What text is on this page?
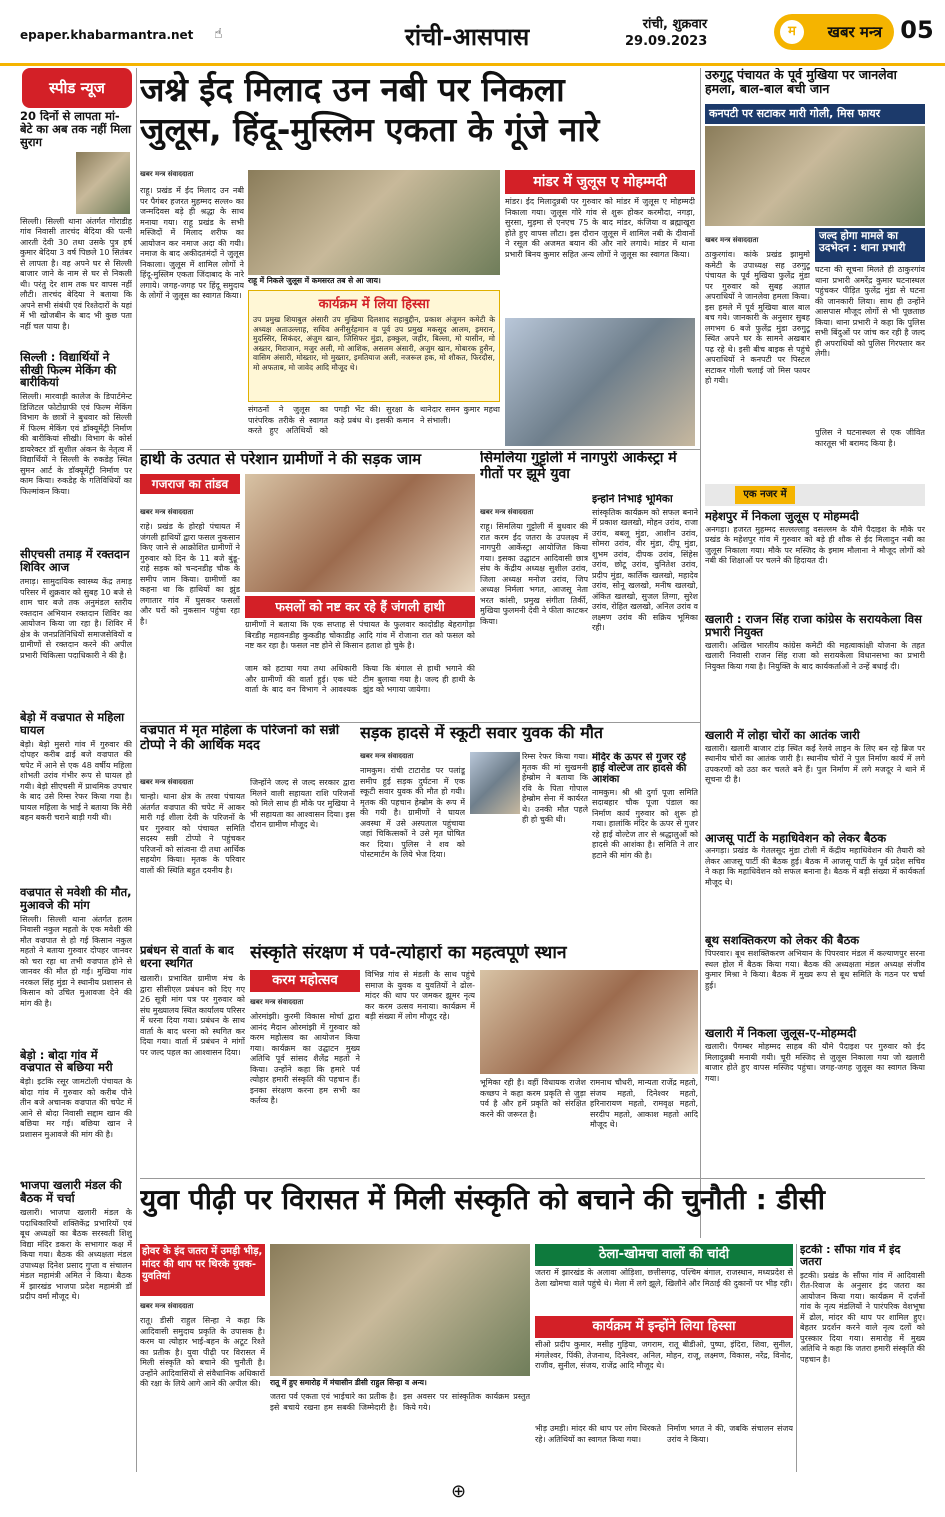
epaper.khabarmantra.net ☝	रांची-आसपास	रांची, शुक्रवार
29.09.2023
म	खबर मन्त्र 05
स्पीड न्यूज
20 दिनों से लापता मां-बेटे का अब तक नहीं मिला सुराग
सिल्ली। सिल्ली थाना अंतर्गत गोराडीह गांव निवासी तारचंद बेदिया की पत्नी आरती देवी 30 तथा उसके पुत्र हर्ष कुमार बेदिया 3 वर्ष पिछले 10 सितंबर से लापता है। वह अपने घर से सिल्ली बाजार जाने के नाम से घर से निकली थी। परंतु देर शाम तक घर वापस नहीं लौटी। तारचंद बेदिया ने बताया कि अपने सभी संबंधी एवं रिश्तेदारों के यहां में भी खोजबीन के बाद भी कुछ पता नहीं चल पाया है।
सिल्ली : विद्यार्थियों ने सीखी फिल्म मेकिंग की बारीकियां
सिल्ली। मारवाड़ी कालेज के डिपार्टमेन्ट डिजिटल फोटोग्राफी एवं फिल्म मेकिंग विभाग के छात्रों ने बुधवार को सिल्ली में फिल्म मेकिंग एवं डॉक्यूमेंट्री निर्माण की बारीकियां सीखी। विभाग के कोर्स डायरेक्टर डॉ सुशील अंकन के नेतृत्व में विद्यार्थियों ने सिल्ली के रुकडेह स्थित सुमन आर्ट के डॉक्यूमेंट्री निर्माण पर काम किया। रुकडेह के गतिविधियों का फिल्मांकन किया।
सीएचसी तमाड़ में रक्तदान शिविर आज
तमाड़। सामुदायिक स्वास्थ्य केंद्र तमाड़ परिसर में शुक्रवार को सुबह 10 बजे से शाम चार बजे तक अनुमंडल स्तरीय रक्तदान अभियान रक्तदान शिविर का आयोजन किया जा रहा है। शिविर में क्षेत्र के जनप्रतिनिधियों समाजसेवियों व ग्रामीणों से रक्तदान करने की अपील प्रभारी चिकित्सा पदाधिकारी ने की है।
बेड़ो में वज्रपात से महिला घायल
बेड़ो। बेड़ो मुसरो गांव में गुरुवार की दोपहर करीब ढाई बजे वज्रपात की चपेट में आने से एक 48 वर्षीय महिला शोभती उरांव गंभीर रूप से घायल हो गयी। बेड़ो सीएचसी में प्राथमिक उपचार के बाद उसे रिम्स रेफर किया गया है। घायल महिला के भाई ने बताया कि मेरी बहन बकरी चराने बाड़ी गयी थी।
वज्रपात से मवेशी की मौत, मुआवजे की मांग
सिल्ली। सिल्ली थाना अंतर्गत हलम निवासी नकुल महतो के एक मवेशी की मौत वज्रपात से हो गई किसान नकुल महतो ने बताया गुरुवार दोपहर जानवर को चरा रहा था तभी वज्रपात होने से जानवर की मौत हो गई। मुखिया गांव नरकल सिंह मुंडा ने स्थानीय प्रशासन से किसान को उचित मुआवजा देने की मांग की है।
बेड़ो : बोदा गांव में वज्रपात से बछिया मरी
बेड़ो। इटकि रसूर जामटोली पंचायत के बोदा गांव में गुरुवार को करीब पौने तीन बजे अचानक वज्रपात की चपेट में आने से बोदा निवासी सद्दाम खान की बछिया मर गई। बछिया खान ने प्रशासन मुआवजे की मांग की है।
भाजपा खलारी मंडल की बैठक में चर्चा
खलारी। भाजपा खलारी मंडल के पदाधिकारियों शक्तिकेंद्र प्रभारियों एवं बूथ अध्यक्षों का बैठक सरस्वती शिशु विद्या मंदिर डकरा के सभागार कक्ष में किया गया। बैठक की अध्यक्षता मंडल उपाध्यक्ष दिनेश प्रसाद गुप्ता व संचालन मंडल महामंत्री अमित ने किया। बैठक में झारखंड भाजपा प्रदेश महामंत्री डॉ प्रदीप वर्मा मौजूद थे।
जश्ने ईद मिलाद उन नबी पर निकला
जुलूस, हिंदू-मुस्लिम एकता के गूंजे नारे
खबर मन्त्र संवाददाता
राहू। प्रखंड में ईद मिलाद उन नबी पर पैगंबर हजरत मुहम्मद सल्ल० का जन्मदिवस बड़े ही श्रद्धा के साथ मनाया गया। राहू प्रखंड के सभी मस्जिदों में मिलाद शरीफ का आयोजन कर नमाज अदा की गयी। नमाज के बाद अकीदतमंदों ने जुलूस निकाला। जुलूस में शामिल लोगों ने हिंदू-मुस्लिम एकता जिंदाबाद के नारे लगाये। जगह-जगह पर हिंदू समुदाय के लोगों ने जुलूस का स्वागत किया।
राहू में निकले जुलूस में कमसरत तब से आ जाय।
कार्यक्रम में लिया हिस्सा
उप प्रमुख शियाबुल अंसारी उप मुखिया दिलशाद सहाबुद्दीन, प्रकाश अंजुमन कमेटी के अध्यक्ष अताउल्लाह, सचिव अनीसुर्रहमान व पूर्व उप प्रमुख मकसूद आलम, इमरान, मुदस्सिर, सिकंदर, अंजुम खान, जिसिफर मुंडा, हक्कुल, जहीर, बिल्ला, मो यासीन, मो अख्तर, मिराजान, मजुर अली, मो आशिक, असलम अंसारी, अजुम खान, मोबारक हुसैन, वासिम अंसारी, मोख्तार, मो मुख्तार, इमतियाज अली, नजरूल हक, मो शौकत, फिरदौस, मो अफताब, मो जावेद आदि मौजूद थे।
संगठनों ने जुलूस का पारंपरिक तरीके से स्वागत करते हुए अतिथियों को पगड़ी भेंट की। सुरक्षा के कड़े प्रबंध थे। इसकी कमान थानेदार समन कुमार महथा ने संभाली।
मांडर में जुलूस ए मोहम्मदी
मांडर। ईद मिलादुन्नबी पर गुरुवार को मांडर में जुलूस ए मोहम्मदी निकाला गया। जुलूस गोरे गांव से शुरू होकर करमौदा, नगड़ा, सुरसा, मुड़मा से एनएच 75 के बाद मांडर, कंजिया व ब्रह्माखूरा होते हुए वापस लौटा। इस दौरान जुलूस में शामिल नबी के दीवानों ने रसूल की अजमत बयान की और नारे लगाये। मांडर में थाना प्रभारी बिनय कुमार सहित अन्य लोगों ने जुलूस का स्वागत किया।
उरुगुटू पंचायत के पूर्व मुखिया पर जानलेवा हमला, बाल-बाल बची जान
कनपटी पर सटाकर मारी गोली, मिस फायर
खबर मन्त्र संवाददाता
ठाकुरगांव। कांके प्रखंड झामुमो कमेटी के उपाध्यक्ष सह उरुगुटू पंचायत के पूर्व मुखिया फुलेंद्र मुंडा पर गुरुवार को सुबह अज्ञात अपराधियों ने जानलेवा हमला किया। इस हमले में पूर्व मुखिया बाल बाल बच गये। जानकारी के अनुसार सुबह लगभग 6 बजे फुलेंद्र मुंडा उरुगुटू स्थित अपने घर के सामने अखबार पढ़ रहे थे। इसी बीच बाइक से पहुंचे अपराधियों ने कनपटी पर पिस्टल सटाकर गोली चलाई जो मिस फायर हो गयी।
जल्द होगा मामले का उदभेदन : थाना प्रभारी
घटना की सूचना मिलते ही ठाकुरगांव थाना प्रभारी अमरेंद्र कुमार घटनास्थल पहुंचकर पीड़ित फुलेंद्र मुंडा से घटना की जानकारी लिया। साथ ही उन्होंने आसपास मौजूद लोगों से भी पूछताछ किया। थाना प्रभारी ने कहा कि पुलिस सभी बिंदुओं पर जांच कर रही है जल्द ही अपराधियों को पुलिस गिरफ्तार कर लेगी।
पुलिस ने घटनास्थल से एक जीवित कारतूस भी बरामद किया है।
हाथी के उत्पात से परेशान ग्रामीणों ने की सड़क जाम
गजराज का तांडव
खबर मन्त्र संवाददाता
राहे। प्रखंड के होरहो पंचायत में जंगली हाथियों द्वारा फसल नुकसान किए जाने से आक्रोशित ग्रामीणों ने गुरुवार को दिन के 11 बजे बुंडू-राहे सड़क को चन्दनडीह चौक के समीप जाम किया। ग्रामीणों का कहना था कि हाथियों का झुंड लगातार गांव में घुसकर फसलों और घरों को नुकसान पहुंचा रहा है।
फसलों को नष्ट कर रहे हैं जंगली हाथी
ग्रामीणों ने बताया कि एक सप्ताह से पंचायत के फुलवार कादोडीह बेहरागोड़ा बिरडीह महावनडीह कुकडीह चोकाडीह आदि गांव में रोजाना रात को फसल को नष्ट कर रहा है। फसल नष्ट होने से किसान हताश हो चुके है।
जाम को हटाया गया तथा अधिकारी और ग्रामीणों की वार्ता हुई। एक घंटे वार्ता के बाद वन विभाग ने आवश्यक किया कि बंगाल से हाथी भगाने की टीम बुलाया गया है। जल्द ही हाथी के झुंड को भगाया जायेगा।
सिमलिया गुट्टोली में नागपुरी आर्केस्ट्रा में गीतों पर झूमे युवा
खबर मन्त्र संवाददाता
राहू। सिमलिया गुट्टोली में बुधवार की रात करम ईद जतरा के उपलक्ष्य में नागपुरी आर्केस्ट्रा आयोजित किया गया। इसका उद्घाटन आदिवासी छात्र संघ के केंद्रीय अध्यक्ष सुशील उरांव, जिला अध्यक्ष मनोज उरांव, जिप अध्यक्ष निर्मला भगत, आजसू नेता भरत कांसी, प्रमुख संगीता तिर्की, मुखिया फुलमनी देवी ने फीता काटकर किया।
इन्होंने निभाई भूमिका
सांस्कृतिक कार्यक्रम को सफल बनाने में प्रकाश खलखो, मोहन उरांव, राजा उरांव, बबलू मुंडा, आशीन उरांव, सोमरा उरांव, वीर मुंडा, दीपू मुंडा, शुभम उरांव, दीपक उरांव, सिंहेस उरांव, छोटू उरांव, युनितेश उरांव, प्रदीप मुंडा, कार्तिक खलखो, महादेव उरांव, सोनू खलखो, मनीष खलखो, अंकित खलखो, सुजल तिग्गा, सुरेश उरांव, रोहित खलखो, अनिल उरांव व लक्ष्मण उरांव की सक्रिय भूमिका रही।
एक नजर में
महेशपुर में निकला जुलूस ए मोहम्मदी
अनगड़ा। हजरत मुहम्मद सल्लल्लाहु वसल्लम के यौमे पैदाइश के मौके पर प्रखंड के महेशपुर गांव में गुरुवार को बड़े ही शौक से ईद मिलादुन नबी का जुलूस निकाला गया। मौके पर मस्जिद के इमाम मौलाना ने मौजूद लोगों को नबी की शिक्षाओं पर चलने की हिदायत दी।
खलारी : राजन सिंह राजा कांग्रेस के सरायकेला विस प्रभारी नियुक्त
खलारी। अखिल भारतीय कांग्रेस कमेटी की महत्वाकांक्षी योजना के तहत खलारी निवासी राजन सिंह राजा को सरायकेला विधानसभा का प्रभारी नियुक्त किया गया है। नियुक्ति के बाद कार्यकर्ताओं ने उन्हें बधाई दी।
खलारी में लोहा चोरों का आतंक जारी
खलारी। खलारी बाजार टांड़ स्थित कई रेलवे लाइन के लिए बन रहे ब्रिज पर स्थानीय चोरों का आतंक जारी है। स्थानीय चोरों ने पुल निर्माण कार्य में लगे उपकरणों को उठा कर चलते बने हैं। पुल निर्माण में लगे मजदूर ने थाने में सूचना दी है।
आजसू पार्टी के महाधिवेशन को लेकर बैठक
अनगड़ा। प्रखंड के गेतलसूद मुंडा टोली में केंद्रीय महाधिवेशन की तैयारी को लेकर आजसू पार्टी की बैठक हुई। बैठक में आजसू पार्टी के पूर्व प्रदेश सचिव ने कहा कि महाधिवेशन को सफल बनाना है। बैठक में बड़ी संख्या में कार्यकर्ता मौजूद थे।
बूथ सशक्तिकरण को लेकर की बैठक
पिपरवार। बूथ सशक्तिकरण अभियान के पिपरवार मंडल में कल्याणपुर सरना स्थल होल में बैठक किया गया। बैठक की अध्यक्षता मंडल अध्यक्ष संजीव कुमार मिश्रा ने किया। बैठक में मुख्य रूप से बूथ समिति के गठन पर चर्चा हुई।
खलारी में निकला जुलूस-ए-मोहम्मदी
खलारी। पैगम्बर मोहम्मद साहब की यौमे पैदाइश पर गुरुवार को ईद मिलादुन्नबी मनायी गयी। चूरी मस्जिद से जुलूस निकाला गया जो खलारी बाजार होते हुए वापस मस्जिद पहुंचा। जगह-जगह जुलूस का स्वागत किया गया।
वज्रपात में मृत महिला के परिजनों को सन्नी टोप्पो ने की आर्थिक मदद
खबर मन्त्र संवाददाता
चान्हो। थाना क्षेत्र के तरवा पंचायत अंतर्गत वज्रपात की चपेट में आकर मारी गई शीला देवी के परिजनों के घर गुरुवार को पंचायत समिति सदस्य सन्नी टोप्पो ने पहुंचकर परिजनों को सांत्वना दी तथा आर्थिक सहयोग किया। मृतक के परिवार वालों की स्थिति बहुत दयनीय है।
जिन्होंने जल्द से जल्द सरकार द्वारा मिलने वाली सहायता राशि परिजनों को मिले साथ ही मौके पर मुखिया ने भी सहायता का आश्वासन दिया। इस दौरान ग्रामीण मौजूद थे।
सड़क हादसे में स्कूटी सवार युवक की मौत
खबर मन्त्र संवाददाता
नामकुम। रांची टाटारोड पर पलांडू समीप हुई सड़क दुर्घटना में एक स्कूटी सवार युवक की मौत हो गयी। मृतक की पहचान हेम्ब्रोम के रूप में की गयी है। ग्रामीणों ने घायल अवस्था में उसे अस्पताल पहुंचाया जहां चिकित्सकों ने उसे मृत घोषित कर दिया। पुलिस ने शव को पोस्टमार्टम के लिये भेज दिया।
रिम्स रेफर किया गया। मृतक की मां सुखमनी हेम्ब्रोम ने बताया कि रवि के पिता गोपाल हेम्ब्रोम सेना में कार्यरत थे। उनकी मौत पहले ही हो चुकी थी।
मंदिर के ऊपर से गुजर रहे हाई वोल्टेज तार हादसे की आशंका
नामकुम। श्री श्री दुर्गा पूजा समिति सदाबहार चौक पूजा पंडाल का निर्माण कार्य गुरुवार को शुरू हो गया। हालांकि मंदिर के ऊपर से गुजर रहे हाई वोल्टेज तार से श्रद्धालुओं को हादसे की आशंका है। समिति ने तार हटाने की मांग की है।
प्रबंधन से वार्ता के बाद धरना स्थगित
खलारी। प्रभावित ग्रामीण मंच के द्वारा सीसीएल प्रबंधन को दिए गए 26 सूत्री मांग पत्र पर गुरुवार को संघ मुख्यालय स्थित कार्यालय परिसर में धरना दिया गया। प्रबंधन के साथ वार्ता के बाद धरना को स्थगित कर दिया गया। वार्ता में प्रबंधन ने मांगों पर जल्द पहल का आश्वासन दिया।
संस्कृति संरक्षण में पर्व-त्योहारों का महत्वपूर्ण स्थान
करम महोत्सव
खबर मन्त्र संवाददाता
ओरमांझी। कुरमी विकास मोर्चा द्वारा आनंद मैदान ओरमांझी में गुरुवार को करम महोत्सव का आयोजन किया गया। कार्यक्रम का उद्घाटन मुख्य अतिथि पूर्व सांसद शैलेंद्र महतो ने किया। उन्होंने कहा कि हमारे पर्व त्योहार हमारी संस्कृति की पहचान हैं। इनका संरक्षण करना हम सभी का कर्तव्य है।
विभिन्न गांव से मंडली के साथ पहुंचे समाज के युवक व युवतियों ने ढोल-मांदर की थाप पर जमकर झूमर नृत्य कर करम उत्सव मनाया। कार्यक्रम में बड़ी संख्या में लोग मौजूद रहे।
भूमिका रही है। वहीं विधायक राजेश कच्छप ने कहा करम प्रकृति से जुड़ा पर्व है और हमें प्रकृति को संरक्षित करने की जरूरत है।
रामनाथ चौधरी, मान्यता राजेंद्र महतो, संजय महतो, दिनेश्वर महतो, हरिनारायण महतो, रामवृक्ष महतो, सरदीप महतो, आकाश महतो आदि मौजूद थे।
युवा पीढ़ी पर विरासत में मिली संस्कृति को बचाने की चुनौती : डीसी
होवर के इंद जतरा में उमड़ी भीड़, मांदर की थाप पर थिरके युवक-युवतियां
खबर मन्त्र संवाददाता
रातू। डीसी राहुल सिन्हा ने कहा कि आदिवासी समुदाय प्रकृति के उपासक है। करम या त्योहार भाई-बहन के अटूट रिश्ते का प्रतीक है। युवा पीढ़ी पर विरासत में मिली संस्कृति को बचाने की चुनौती है। उन्होंने आदिवासियों से संवैधानिक अधिकारों की रक्षा के लिये आगे आने की अपील की।	रातू में हुए समारोह में मंचासीन डीसी राहुल सिन्हा व अन्य।
जतरा पर्व एकता एवं भाईचारे का प्रतीक है। इसे बचाये रखना हम सबकी जिम्मेदारी है। इस अवसर पर सांस्कृतिक कार्यक्रम प्रस्तुत किये गये।
ठेला-खोमचा वालों की चांदी
जतरा में झारखंड के अलावा ओड़िशा, छत्तीसगढ़, पश्चिम बंगाल, राजस्थान, मध्यप्रदेश से ठेला खोमचा वाले पहुंचे थे। मेला में लगे झूले, खिलौने और मिठाई की दुकानों पर भीड़ रही।
कार्यक्रम में इन्होंने लिया हिस्सा
सीओ प्रदीप कुमार, मसीह गुड़िया, जगराम, रातू बीडीओ, पुष्पा, इंदिरा, शिवा, सुनील, मंगलेश्वर, पिंकी, तेजनाथ, दिनेश्वर, अनिल, मोहन, राजू, लक्ष्मण, विकास, नरेंद्र, विनोद, राजीव, सुनील, संजय, राजेंद्र आदि मौजूद थे।
भीड़ उमड़ी। मांदर की थाप पर लोग थिरकते रहे। अतिथियों का स्वागत किया गया।
निर्माण भगत ने की, जबकि संचालन संजय उरांव ने किया।
इटकी : सौंफा गांव में इंद जतरा
इटकी। प्रखंड के सौंफा गांव में आदिवासी रीत-रिवाज के अनुसार इंद जतरा का आयोजन किया गया। कार्यक्रम में दर्जनों गांव के नृत्य मंडलियों ने पारंपरिक वेशभूषा में ढोल, मांदर की थाप पर शामिल हुए। बेहतर प्रदर्शन करने वाले नृत्य दलों को पुरस्कार दिया गया। समारोह में मुख्य अतिथि ने कहा कि जतरा हमारी संस्कृति की पहचान है।
⊕
